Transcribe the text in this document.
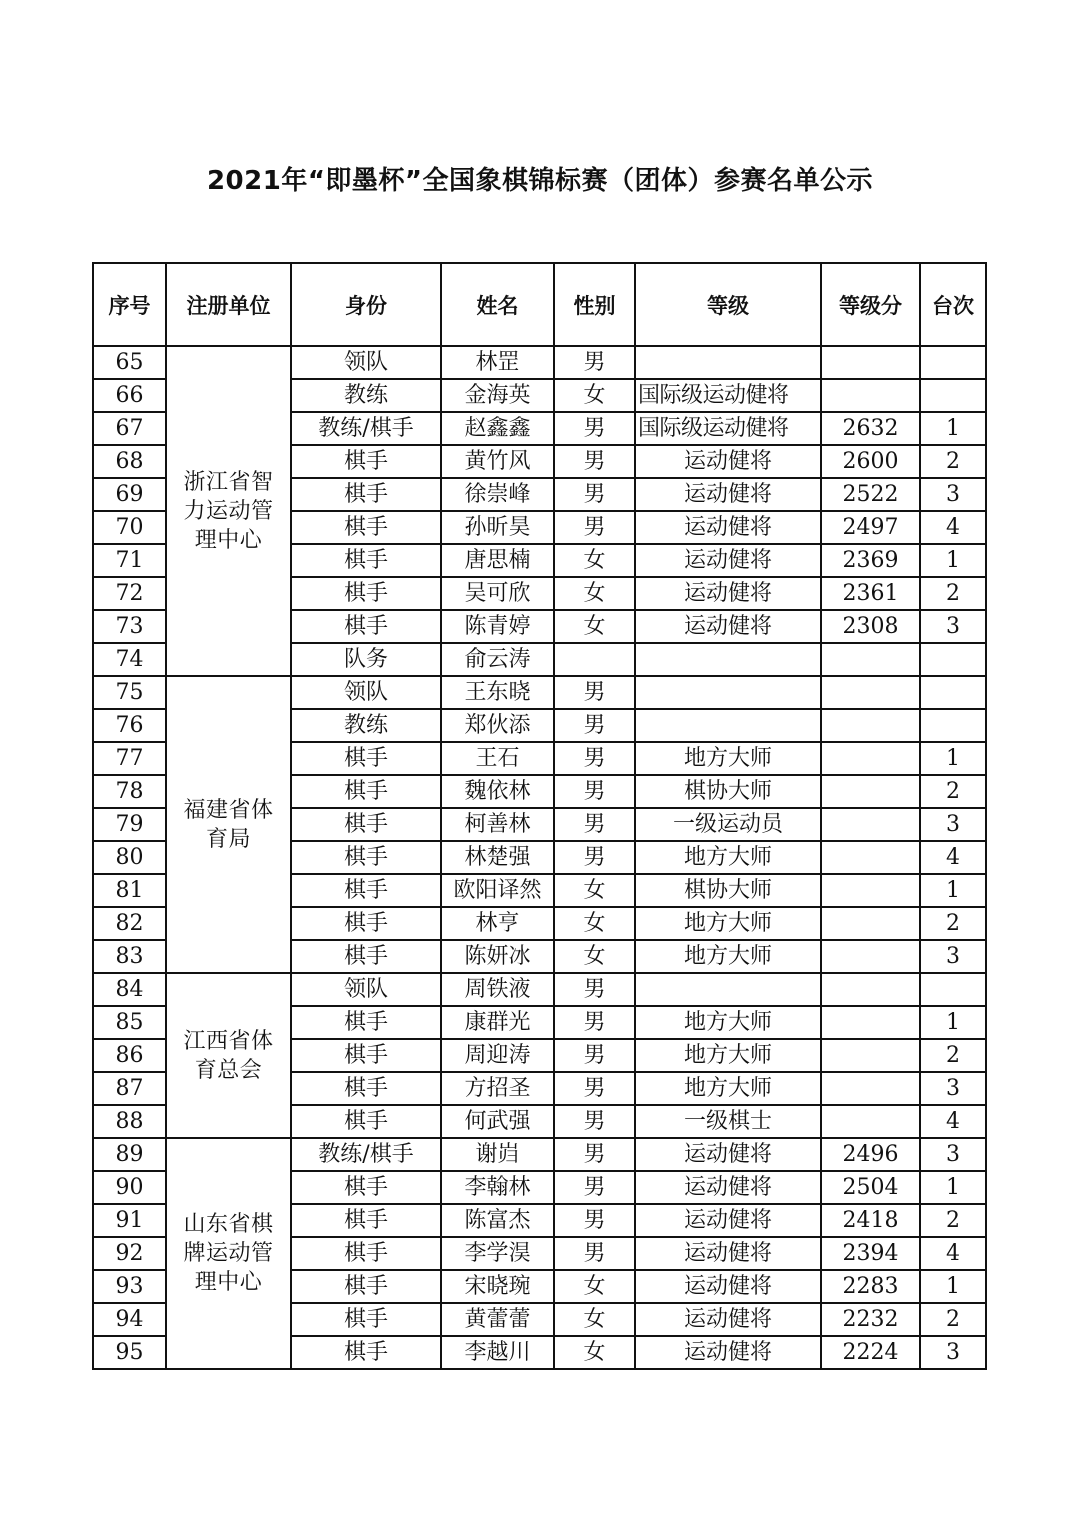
2021年“即墨杯”全国象棋锦标赛（团体）参赛名单公示
序号	注册单位	身份	姓名	性别	等级	等级分	台次
65	浙江省智力运动管理中心	领队	林罡	男			
66		教练	金海英	女	国际级运动健将		
67		教练/棋手	赵鑫鑫	男	国际级运动健将	2632	1
68		棋手	黄竹风	男	运动健将	2600	2
69		棋手	徐崇峰	男	运动健将	2522	3
70		棋手	孙昕昊	男	运动健将	2497	4
71		棋手	唐思楠	女	运动健将	2369	1
72		棋手	吴可欣	女	运动健将	2361	2
73		棋手	陈青婷	女	运动健将	2308	3
74		队务	俞云涛				
75	福建省体育局	领队	王东晓	男			
76		教练	郑伙添	男			
77		棋手	王石	男	地方大师		1
78		棋手	魏依林	男	棋协大师		2
79		棋手	柯善林	男	一级运动员		3
80		棋手	林楚强	男	地方大师		4
81		棋手	欧阳译然	女	棋协大师		1
82		棋手	林亨	女	地方大师		2
83		棋手	陈妍冰	女	地方大师		3
84	江西省体育总会	领队	周铁液	男			
85		棋手	康群光	男	地方大师		1
86		棋手	周迎涛	男	地方大师		2
87		棋手	方招圣	男	地方大师		3
88		棋手	何武强	男	一级棋士		4
89	山东省棋牌运动管理中心	教练/棋手	谢岿	男	运动健将	2496	3
90		棋手	李翰林	男	运动健将	2504	1
91		棋手	陈富杰	男	运动健将	2418	2
92		棋手	李学淏	男	运动健将	2394	4
93		棋手	宋晓琬	女	运动健将	2283	1
94		棋手	黄蕾蕾	女	运动健将	2232	2
95		棋手	李越川	女	运动健将	2224	3
